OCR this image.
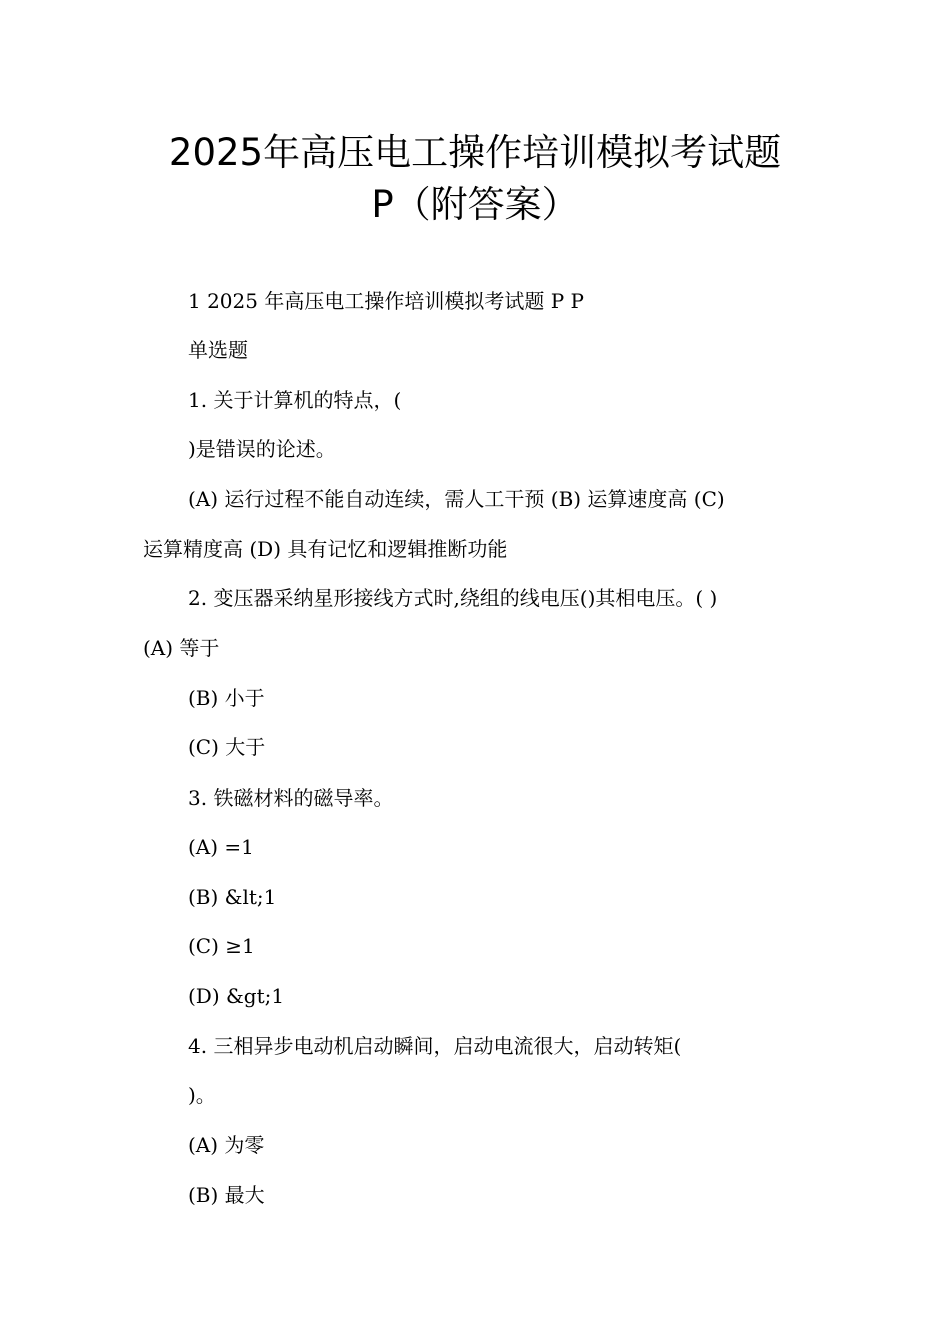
2025年高压电工操作培训模拟考试题
P（附答案）
1 2025 年高压电工操作培训模拟考试题 P P
单选题
1. 关于计算机的特点，(
)是错误的论述。
(A) 运行过程不能自动连续，需人工干预 (B) 运算速度高 (C)
运算精度高 (D) 具有记忆和逻辑推断功能
2. 变压器采纳星形接线方式时,绕组的线电压()其相电压。( )
(A) 等于
(B) 小于
(C) 大于
3. 铁磁材料的磁导率。
(A) =1
(B) &lt;1
(C) ≥1
(D) &gt;1
4. 三相异步电动机启动瞬间，启动电流很大，启动转矩(
)。
(A) 为零
(B) 最大
